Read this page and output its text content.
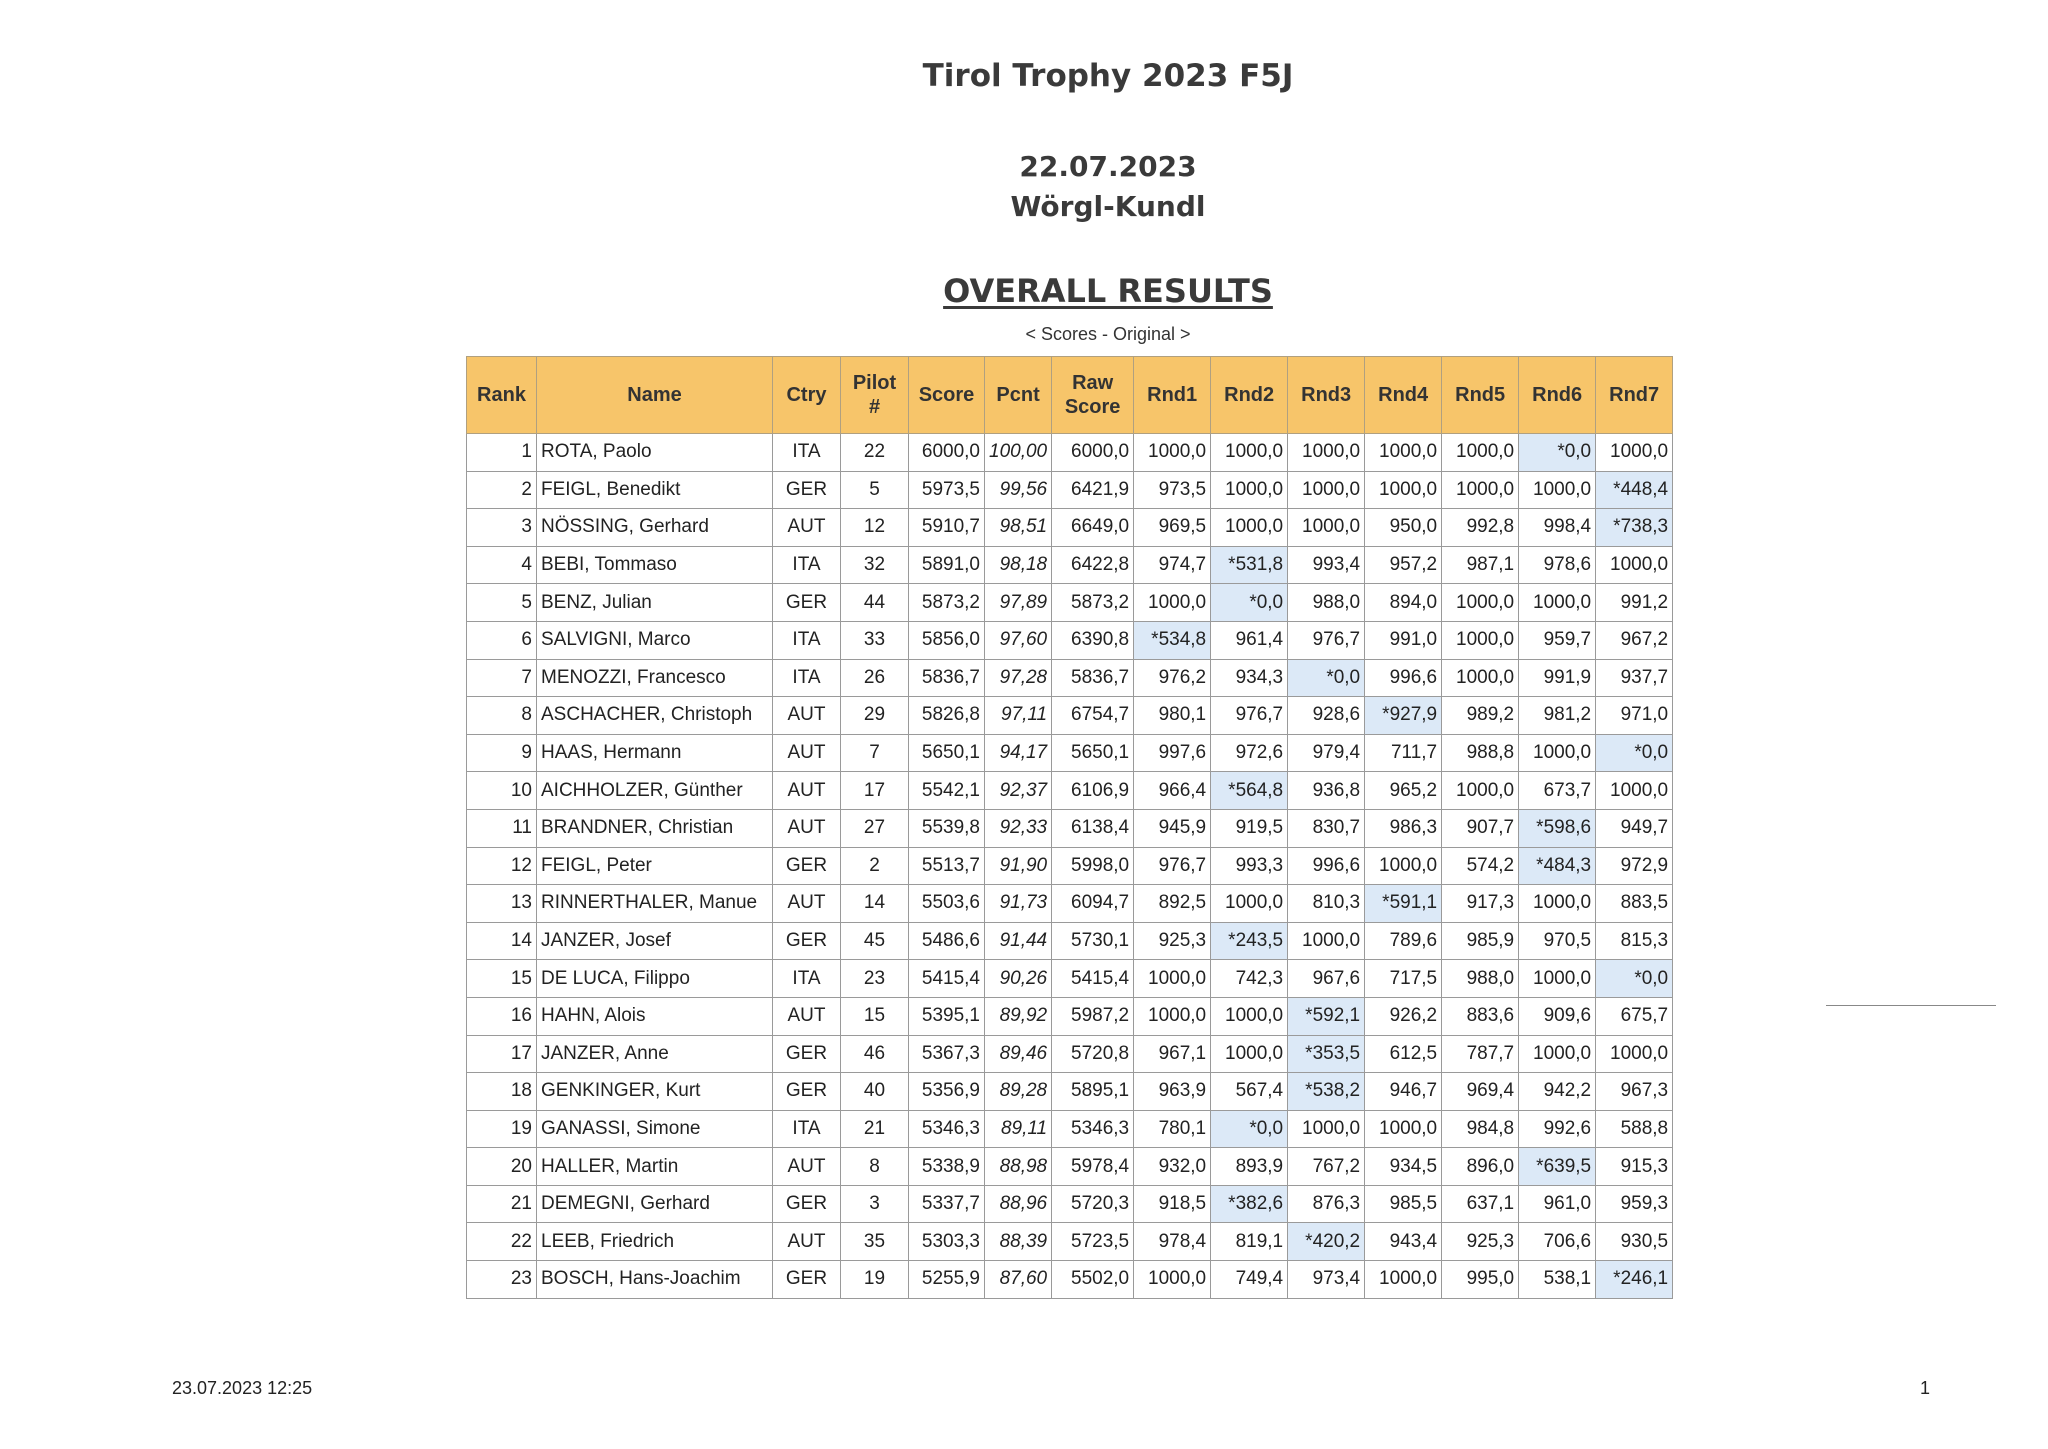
Tirol Trophy 2023 F5J
22.07.2023
Wörgl-Kundl
OVERALL RESULTS
< Scores - Original >
Rank	Name	Ctry	Pilot #	Score	Pcnt	Raw Score	Rnd1	Rnd2	Rnd3	Rnd4	Rnd5	Rnd6	Rnd7
1	ROTA, Paolo	ITA	22	6000,0	100,00	6000,0	1000,0	1000,0	1000,0	1000,0	1000,0	*0,0	1000,0
2	FEIGL, Benedikt	GER	5	5973,5	99,56	6421,9	973,5	1000,0	1000,0	1000,0	1000,0	1000,0	*448,4
3	NÖSSING, Gerhard	AUT	12	5910,7	98,51	6649,0	969,5	1000,0	1000,0	950,0	992,8	998,4	*738,3
4	BEBI, Tommaso	ITA	32	5891,0	98,18	6422,8	974,7	*531,8	993,4	957,2	987,1	978,6	1000,0
5	BENZ, Julian	GER	44	5873,2	97,89	5873,2	1000,0	*0,0	988,0	894,0	1000,0	1000,0	991,2
6	SALVIGNI, Marco	ITA	33	5856,0	97,60	6390,8	*534,8	961,4	976,7	991,0	1000,0	959,7	967,2
7	MENOZZI, Francesco	ITA	26	5836,7	97,28	5836,7	976,2	934,3	*0,0	996,6	1000,0	991,9	937,7
8	ASCHACHER, Christoph	AUT	29	5826,8	97,11	6754,7	980,1	976,7	928,6	*927,9	989,2	981,2	971,0
9	HAAS, Hermann	AUT	7	5650,1	94,17	5650,1	997,6	972,6	979,4	711,7	988,8	1000,0	*0,0
10	AICHHOLZER, Günther	AUT	17	5542,1	92,37	6106,9	966,4	*564,8	936,8	965,2	1000,0	673,7	1000,0
11	BRANDNER, Christian	AUT	27	5539,8	92,33	6138,4	945,9	919,5	830,7	986,3	907,7	*598,6	949,7
12	FEIGL, Peter	GER	2	5513,7	91,90	5998,0	976,7	993,3	996,6	1000,0	574,2	*484,3	972,9
13	RINNERTHALER, Manue	AUT	14	5503,6	91,73	6094,7	892,5	1000,0	810,3	*591,1	917,3	1000,0	883,5
14	JANZER, Josef	GER	45	5486,6	91,44	5730,1	925,3	*243,5	1000,0	789,6	985,9	970,5	815,3
15	DE LUCA, Filippo	ITA	23	5415,4	90,26	5415,4	1000,0	742,3	967,6	717,5	988,0	1000,0	*0,0
16	HAHN, Alois	AUT	15	5395,1	89,92	5987,2	1000,0	1000,0	*592,1	926,2	883,6	909,6	675,7
17	JANZER, Anne	GER	46	5367,3	89,46	5720,8	967,1	1000,0	*353,5	612,5	787,7	1000,0	1000,0
18	GENKINGER, Kurt	GER	40	5356,9	89,28	5895,1	963,9	567,4	*538,2	946,7	969,4	942,2	967,3
19	GANASSI, Simone	ITA	21	5346,3	89,11	5346,3	780,1	*0,0	1000,0	1000,0	984,8	992,6	588,8
20	HALLER, Martin	AUT	8	5338,9	88,98	5978,4	932,0	893,9	767,2	934,5	896,0	*639,5	915,3
21	DEMEGNI, Gerhard	GER	3	5337,7	88,96	5720,3	918,5	*382,6	876,3	985,5	637,1	961,0	959,3
22	LEEB, Friedrich	AUT	35	5303,3	88,39	5723,5	978,4	819,1	*420,2	943,4	925,3	706,6	930,5
23	BOSCH, Hans-Joachim	GER	19	5255,9	87,60	5502,0	1000,0	749,4	973,4	1000,0	995,0	538,1	*246,1
23.07.2023 12:25	1
